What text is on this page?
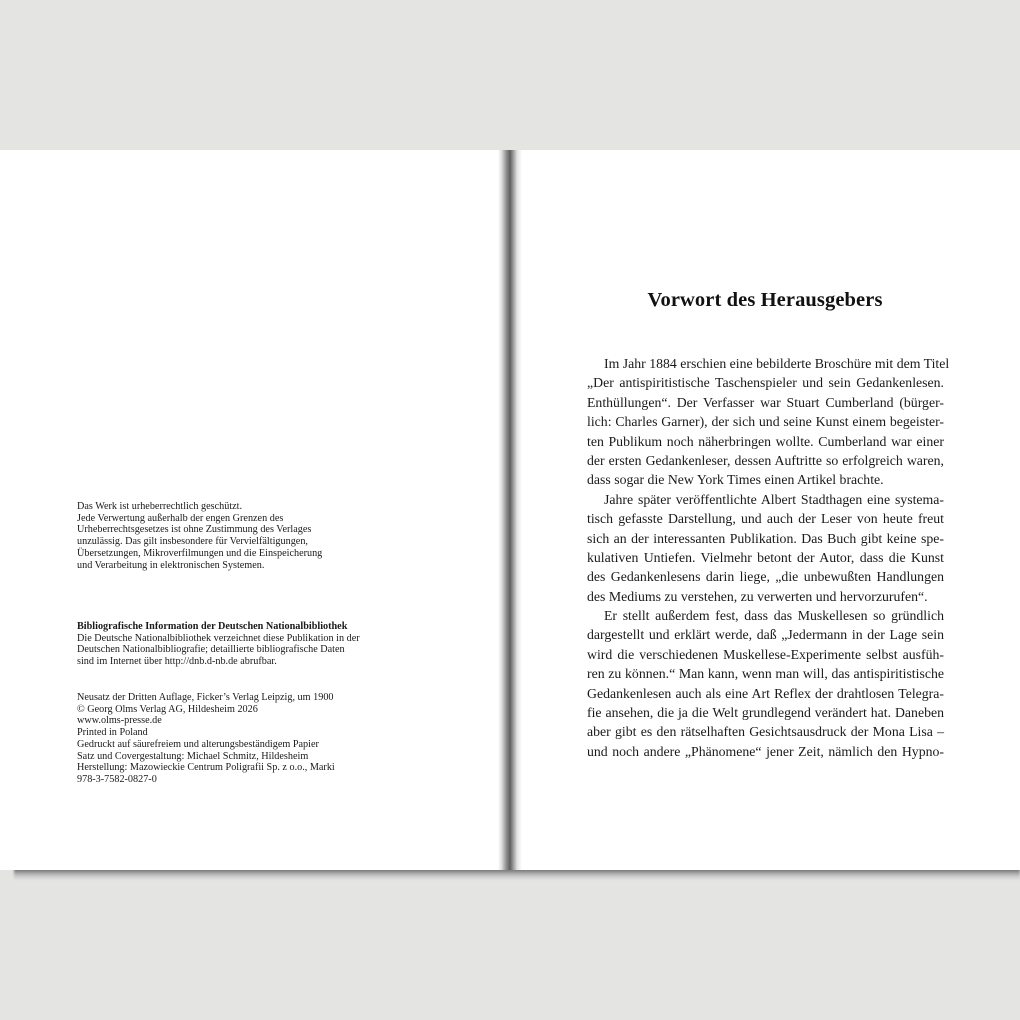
Das Werk ist urheberrechtlich geschützt.
Jede Verwertung außerhalb der engen Grenzen des
Urheberrechtsgesetzes ist ohne Zustimmung des Verlages
unzulässig. Das gilt insbesondere für Vervielfältigungen,
Übersetzungen, Mikroverfilmungen und die Einspeicherung
und Verarbeitung in elektronischen Systemen.
Bibliografische Information der Deutschen Nationalbibliothek
Die Deutsche Nationalbibliothek verzeichnet diese Publikation in der
Deutschen Nationalbibliografie; detaillierte bibliografische Daten
sind im Internet über http://dnb.d-nb.de abrufbar.
Neusatz der Dritten Auflage, Ficker’s Verlag Leipzig, um 1900
© Georg Olms Verlag AG, Hildesheim 2026
www.olms-presse.de
Printed in Poland
Gedruckt auf säurefreiem und alterungsbeständigem Papier
Satz und Covergestaltung: Michael Schmitz, Hildesheim
Herstellung: Mazowieckie Centrum Poligrafii Sp. z o.o., Marki
978-3-7582-0827-0
Vorwort des Herausgebers
Im Jahr 1884 erschien eine bebilderte Broschüre mit dem Titel
„Der antispiritistische Taschenspieler und sein Gedankenlesen.
Enthüllungen“. Der Verfasser war Stuart Cumberland (bürger-
lich: Charles Garner), der sich und seine Kunst einem begeister-
ten Publikum noch näherbringen wollte. Cumberland war einer
der ersten Gedankenleser, dessen Auftritte so erfolgreich waren,
dass sogar die New York Times einen Artikel brachte.
Jahre später veröffentlichte Albert Stadthagen eine systema-
tisch gefasste Darstellung, und auch der Leser von heute freut
sich an der interessanten Publikation. Das Buch gibt keine spe-
kulativen Untiefen. Vielmehr betont der Autor, dass die Kunst
des Gedankenlesens darin liege, „die unbewußten Handlungen
des Mediums zu verstehen, zu verwerten und hervorzurufen“.
Er stellt außerdem fest, dass das Muskellesen so gründlich
dargestellt und erklärt werde, daß „Jedermann in der Lage sein
wird die verschiedenen Muskellese-Experimente selbst ausfüh-
ren zu können.“ Man kann, wenn man will, das antispiritistische
Gedankenlesen auch als eine Art Reflex der drahtlosen Telegra-
fie ansehen, die ja die Welt grundlegend verändert hat. Daneben
aber gibt es den rätselhaften Gesichtsausdruck der Mona Lisa –
und noch andere „Phänomene“ jener Zeit, nämlich den Hypno-
